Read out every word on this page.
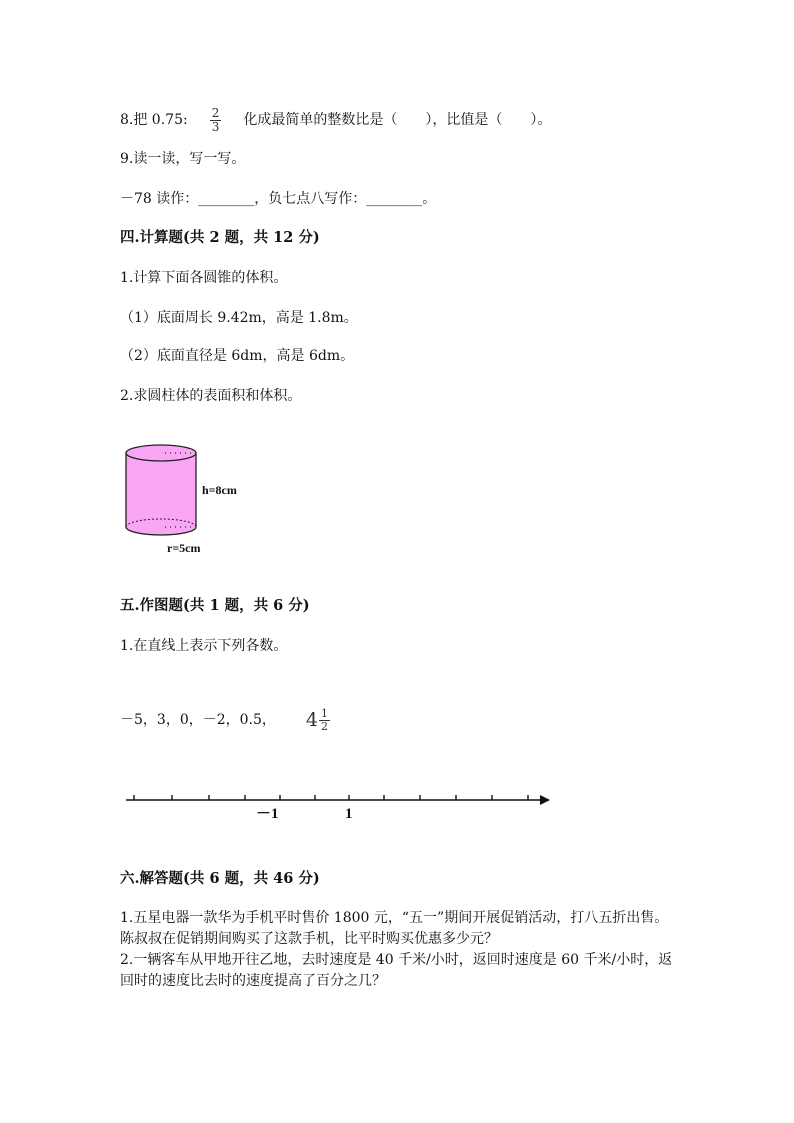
8.把 0.75: $\frac{2}{3}$ 化成最简单的整数比是（　　），比值是（　　）。
9.读一读，写一写。
－78 读作：________，负七点八写作：________。
四.计算题(共 2 题，共 12 分)
1.计算下面各圆锥的体积。
（1）底面周长 9.42m，高是 1.8m。
（2）底面直径是 6dm，高是 6dm。
2.求圆柱体的表面积和体积。
h=8cm
r=5cm
五.作图题(共 1 题，共 6 分)
1.在直线上表示下列各数。
－5，3，0，－2，0.5， $4 \frac{1}{2}$
－1	1
六.解答题(共 6 题，共 46 分)
1.五星电器一款华为手机平时售价 1800 元，“五一”期间开展促销活动，打八五折出售。陈叔叔在促销期间购买了这款手机，比平时购买优惠多少元？
2.一辆客车从甲地开往乙地，去时速度是 40 千米/小时，返回时速度是 60 千米/小时，返回时的速度比去时的速度提高了百分之几？
